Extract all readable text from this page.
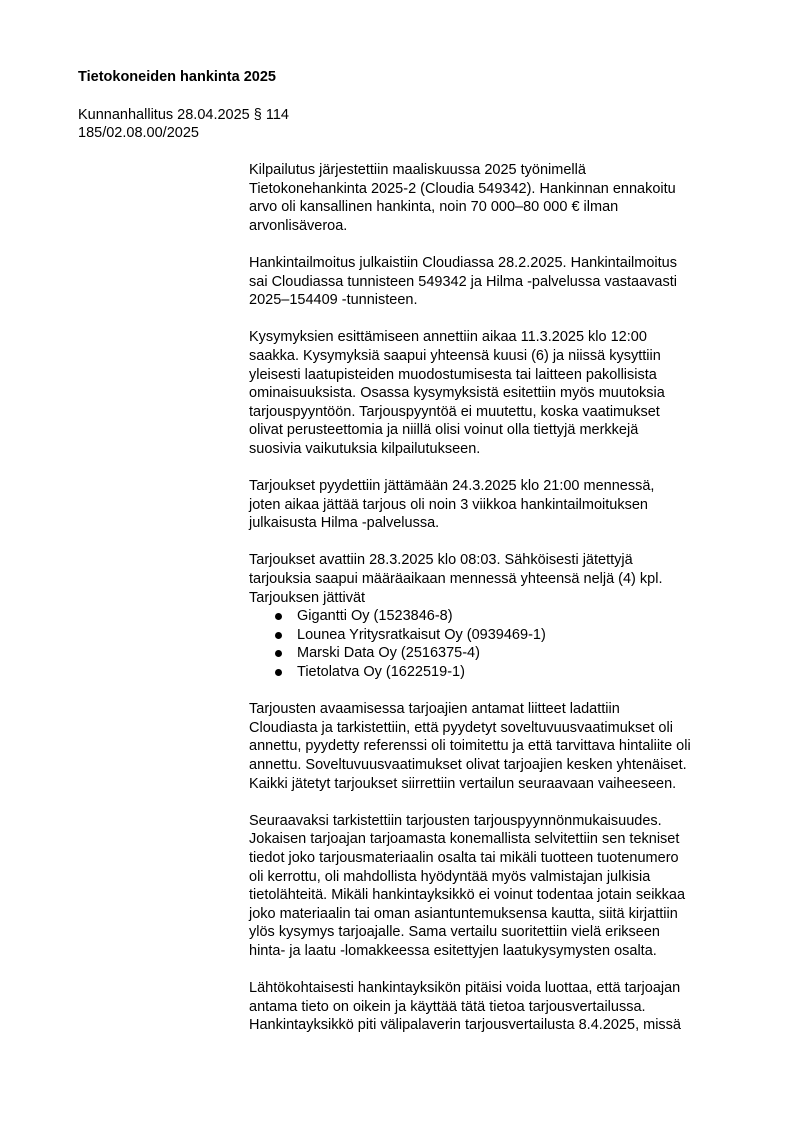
Tietokoneiden hankinta 2025
Kunnanhallitus 28.04.2025 § 114
185/02.08.00/2025
Kilpailutus järjestettiin maaliskuussa 2025 työnimellä
Tietokonehankinta 2025-2 (Cloudia 549342). Hankinnan ennakoitu
arvo oli kansallinen hankinta, noin 70 000–80 000 € ilman
arvonlisäveroa.
Hankintailmoitus julkaistiin Cloudiassa 28.2.2025. Hankintailmoitus
sai Cloudiassa tunnisteen 549342 ja Hilma -palvelussa vastaavasti
2025–154409 -tunnisteen.
Kysymyksien esittämiseen annettiin aikaa 11.3.2025 klo 12:00
saakka. Kysymyksiä saapui yhteensä kuusi (6) ja niissä kysyttiin
yleisesti laatupisteiden muodostumisesta tai laitteen pakollisista
ominaisuuksista. Osassa kysymyksistä esitettiin myös muutoksia
tarjouspyyntöön. Tarjouspyyntöä ei muutettu, koska vaatimukset
olivat perusteettomia ja niillä olisi voinut olla tiettyjä merkkejä
suosivia vaikutuksia kilpailutukseen.
Tarjoukset pyydettiin jättämään 24.3.2025 klo 21:00 mennessä,
joten aikaa jättää tarjous oli noin 3 viikkoa hankintailmoituksen
julkaisusta Hilma -palvelussa.
Tarjoukset avattiin 28.3.2025 klo 08:03. Sähköisesti jätettyjä
tarjouksia saapui määräaikaan mennessä yhteensä neljä (4) kpl.
Tarjouksen jättivät
Gigantti Oy (1523846-8)
Lounea Yritysratkaisut Oy (0939469-1)
Marski Data Oy (2516375-4)
Tietolatva Oy (1622519-1)
Tarjousten avaamisessa tarjoajien antamat liitteet ladattiin
Cloudiasta ja tarkistettiin, että pyydetyt soveltuvuusvaatimukset oli
annettu, pyydetty referenssi oli toimitettu ja että tarvittava hintaliite oli
annettu. Soveltuvuusvaatimukset olivat tarjoajien kesken yhtenäiset.
Kaikki jätetyt tarjoukset siirrettiin vertailun seuraavaan vaiheeseen.
Seuraavaksi tarkistettiin tarjousten tarjouspyynnönmukaisuudes.
Jokaisen tarjoajan tarjoamasta konemallista selvitettiin sen tekniset
tiedot joko tarjousmateriaalin osalta tai mikäli tuotteen tuotenumero
oli kerrottu, oli mahdollista hyödyntää myös valmistajan julkisia
tietolähteitä. Mikäli hankintayksikkö ei voinut todentaa jotain seikkaa
joko materiaalin tai oman asiantuntemuksensa kautta, siitä kirjattiin
ylös kysymys tarjoajalle. Sama vertailu suoritettiin vielä erikseen
hinta- ja laatu -lomakkeessa esitettyjen laatukysymysten osalta.
Lähtökohtaisesti hankintayksikön pitäisi voida luottaa, että tarjoajan
antama tieto on oikein ja käyttää tätä tietoa tarjousvertailussa.
Hankintayksikkö piti välipalaverin tarjousvertailusta 8.4.2025, missä
